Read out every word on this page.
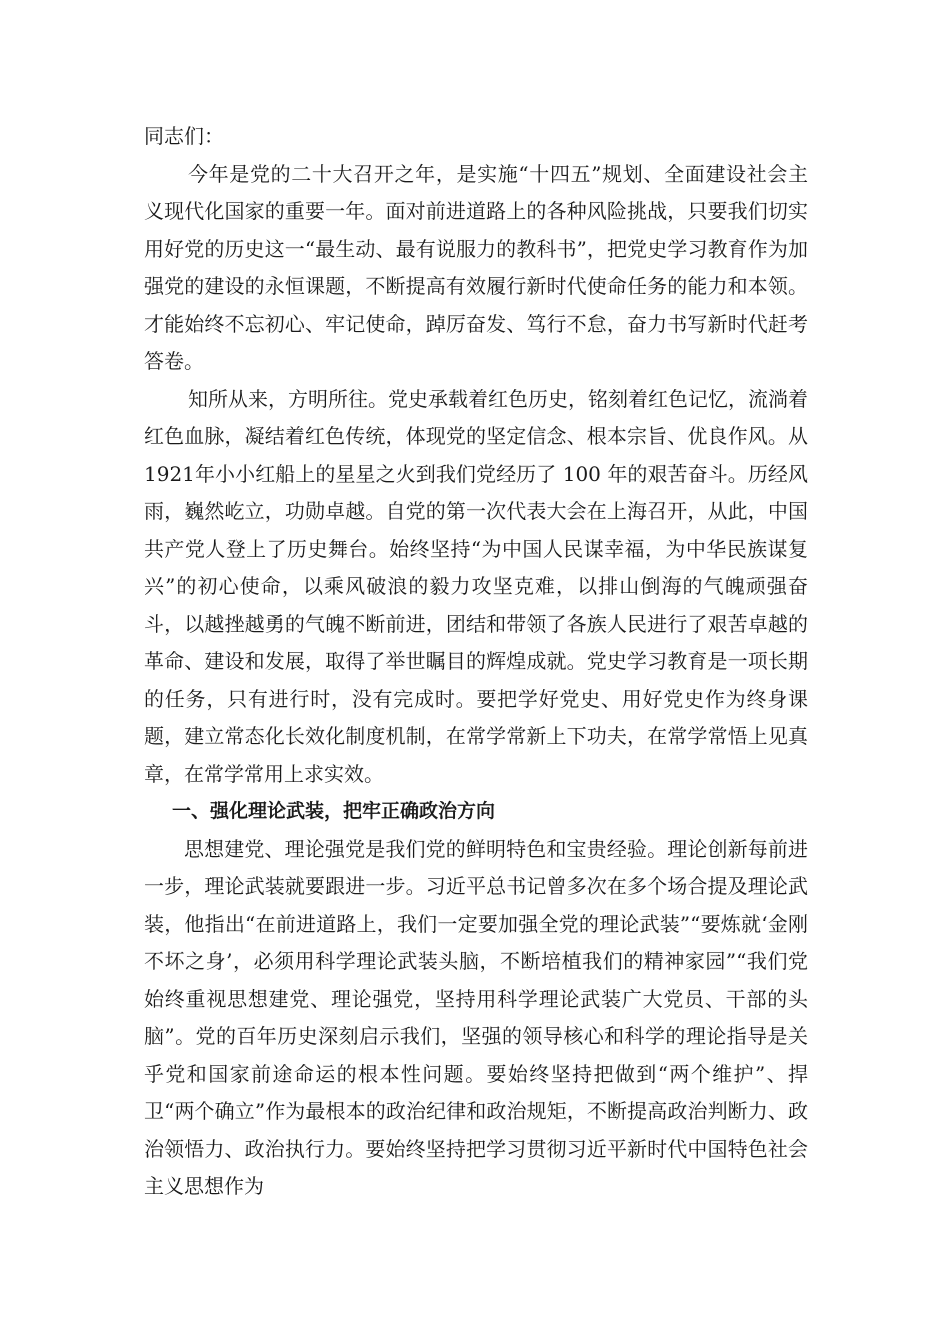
同志们：

今年是党的二十大召开之年，是实施“十四五”规划、全面建设社会主义现代化国家的重要一年。面对前进道路上的各种风险挑战，只要我们切实用好党的历史这一“最生动、最有说服力的教科书”，把党史学习教育作为加强党的建设的永恒课题，不断提高有效履行新时代使命任务的能力和本领。才能始终不忘初心、牢记使命，踔厉奋发、笃行不怠，奋力书写新时代赶考答卷。

知所从来，方明所往。党史承载着红色历史，铭刻着红色记忆，流淌着红色血脉，凝结着红色传统，体现党的坚定信念、根本宗旨、优良作风。从 1921年小小红船上的星星之火到我们党经历了 100 年的艰苦奋斗。历经风雨，巍然屹立，功勋卓越。自党的第一次代表大会在上海召开，从此，中国共产党人登上了历史舞台。始终坚持“为中国人民谋幸福，为中华民族谋复兴”的初心使命，以乘风破浪的毅力攻坚克难，以排山倒海的气魄顽强奋斗，以越挫越勇的气魄不断前进，团结和带领了各族人民进行了艰苦卓越的革命、建设和发展，取得了举世瞩目的辉煌成就。党史学习教育是一项长期的任务，只有进行时，没有完成时。要把学好党史、用好党史作为终身课题，建立常态化长效化制度机制，在常学常新上下功夫，在常学常悟上见真章，在常学常用上求实效。

一、强化理论武装，把牢正确政治方向

思想建党、理论强党是我们党的鲜明特色和宝贵经验。理论创新每前进一步，理论武装就要跟进一步。习近平总书记曾多次在多个场合提及理论武装，他指出“在前进道路上，我们一定要加强全党的理论武装”“要炼就‘金刚不坏之身’，必须用科学理论武装头脑，不断培植我们的精神家园”“我们党始终重视思想建党、理论强党，坚持用科学理论武装广大党员、干部的头脑”。党的百年历史深刻启示我们，坚强的领导核心和科学的理论指导是关乎党和国家前途命运的根本性问题。要始终坚持把做到“两个维护”、捍卫“两个确立”作为最根本的政治纪律和政治规矩，不断提高政治判断力、政治领悟力、政治执行力。要始终坚持把学习贯彻习近平新时代中国特色社会主义思想作为
